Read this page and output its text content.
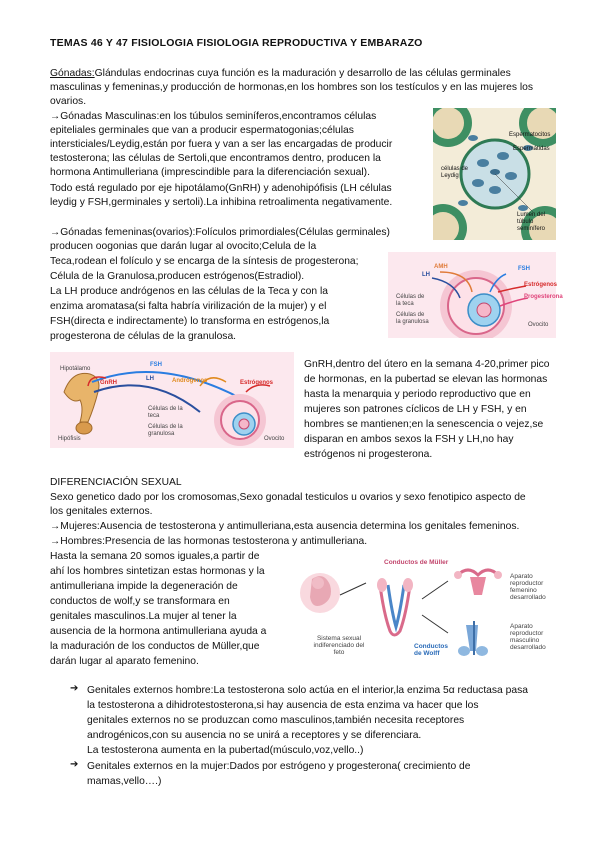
TEMAS 46 Y 47 FISIOLOGIA FISIOLOGIA REPRODUCTIVA Y EMBARAZO
Gónadas:Glándulas endocrinas cuya función es la maduración y desarrollo de las células germinales
masculinas y femeninas,y producción de hormonas,en los hombres son los testículos y en las mujeres los
ovarios.
→Gónadas Masculinas:en los túbulos seminíferos,encontramos células
epiteliales germinales que van a producir espermatogonias;células
intersticiales/Leydig,están por fuera y van a ser las encargadas de producir
testosterona; las células de Sertoli,que encontramos dentro, producen la
hormona Antimulleriana (imprescindible para la diferenciación sexual).
Todo está regulado por eje hipotálamo(GnRH) y adenohipófisis (LH células
leydig y FSH,germinales y sertoli).La inhibina retroalimenta negativamente.
Espermatocitos
Espermátidas
células de Leydig
Lumen del túbulo seminífero
→Gónadas femeninas(ovarios):Folículos primordiales(Células germinales)
producen oogonias que darán lugar al ovocito;Celula de la
Teca,rodean el folículo y se encarga de la síntesis de progesterona;
Célula de la Granulosa,producen estrógenos(Estradiol).
La LH produce andrógenos en las células de la Teca y con la
enzima aromatasa(si falta habría virilización de la mujer) y el
FSH(directa e indirectamente) lo transforma en estrógenos,la
progesterona de células de la granulosa.
AMH
LH
FSH
Estrógenos
Progesterona
Células de la teca
Células de la granulosa	Ovocito
Hipotálamo
GnRH
FSH
LH	Andrógenos	Estrógenos
Hipófisis
Células de la teca
Células de la granulosa
Ovocito
GnRH,dentro del útero en la semana 4-20,primer pico
de hormonas, en la pubertad se elevan las hormonas
hasta la menarquia y periodo reproductivo que en
mujeres son patrones cíclicos de LH y FSH, y en
hombres se mantienen;en la senescencia o vejez,se
disparan en ambos sexos la FSH y LH,no hay
estrógenos ni progesterona.
DIFERENCIACIÓN SEXUAL
Sexo genetico dado por los cromosomas,Sexo gonadal testiculos u ovarios y sexo fenotipico aspecto de
los genitales externos.
→Mujeres:Ausencia de testosterona y antimulleriana,esta ausencia determina los genitales femeninos.
→Hombres:Presencia de las hormonas testosterona y antimulleriana.
Hasta la semana 20 somos iguales,a partir de
ahí los hombres sintetizan estas hormonas y la
antimulleriana impide la degeneración de
conductos de wolf,y se transformara en
genitales masculinos.La mujer al tener la
ausencia de la hormona antimulleriana ayuda a
la maduración de los conductos de Müller,que
darán lugar al aparato femenino.
Conductos de Müller
Conductos de Wolff
Sistema sexual indiferenciado del feto
Aparato reproductor femenino desarrollado
Aparato reproductor masculino desarrollado
➔ Genitales externos hombre:La testosterona solo actúa en el interior,la enzima 5α reductasa pasa
la testosterona a dihidrotestosterona,si hay ausencia de esta enzima va hacer que los
genitales externos no se produzcan como masculinos,también necesita receptores
androgénicos,con su ausencia no se unirá a receptores y se diferenciara.
La testosterona aumenta en la pubertad(músculo,voz,vello..)
➔ Genitales externos en la mujer:Dados por estrógeno y progesterona( crecimiento de
mamas,vello….)
